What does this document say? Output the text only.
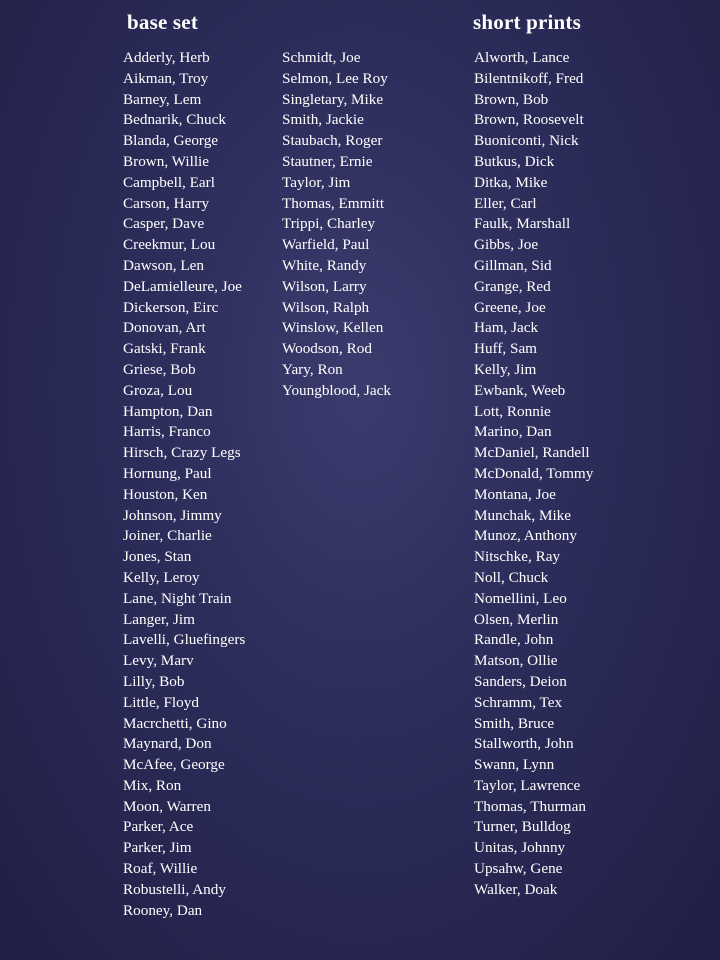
base set	short prints
Adderly, Herb
Aikman, Troy
Barney, Lem
Bednarik, Chuck
Blanda, George
Brown, Willie
Campbell, Earl
Carson, Harry
Casper, Dave
Creekmur, Lou
Dawson, Len
DeLamielleure, Joe
Dickerson, Eirc
Donovan, Art
Gatski, Frank
Griese, Bob
Groza, Lou
Hampton, Dan
Harris, Franco
Hirsch, Crazy Legs
Hornung, Paul
Houston, Ken
Johnson, Jimmy
Joiner, Charlie
Jones, Stan
Kelly, Leroy
Lane, Night Train
Langer, Jim
Lavelli, Gluefingers
Levy, Marv
Lilly, Bob
Little, Floyd
Macrchetti, Gino
Maynard, Don
McAfee, George
Mix, Ron
Moon, Warren
Parker, Ace
Parker, Jim
Roaf, Willie
Robustelli, Andy
Rooney, Dan
Schmidt, Joe
Selmon, Lee Roy
Singletary, Mike
Smith, Jackie
Staubach, Roger
Stautner, Ernie
Taylor, Jim
Thomas, Emmitt
Trippi, Charley
Warfield, Paul
White, Randy
Wilson, Larry
Wilson, Ralph
Winslow, Kellen
Woodson, Rod
Yary, Ron
Youngblood, Jack
Alworth, Lance
Bilentnikoff, Fred
Brown, Bob
Brown, Roosevelt
Buoniconti, Nick
Butkus, Dick
Ditka, Mike
Eller, Carl
Faulk, Marshall
Gibbs, Joe
Gillman, Sid
Grange, Red
Greene, Joe
Ham, Jack
Huff, Sam
Kelly, Jim
Ewbank, Weeb
Lott, Ronnie
Marino, Dan
McDaniel, Randell
McDonald, Tommy
Montana, Joe
Munchak, Mike
Munoz, Anthony
Nitschke, Ray
Noll, Chuck
Nomellini, Leo
Olsen, Merlin
Randle, John
Matson, Ollie
Sanders, Deion
Schramm, Tex
Smith, Bruce
Stallworth, John
Swann, Lynn
Taylor, Lawrence
Thomas, Thurman
Turner, Bulldog
Unitas, Johnny
Upsahw, Gene
Walker, Doak
